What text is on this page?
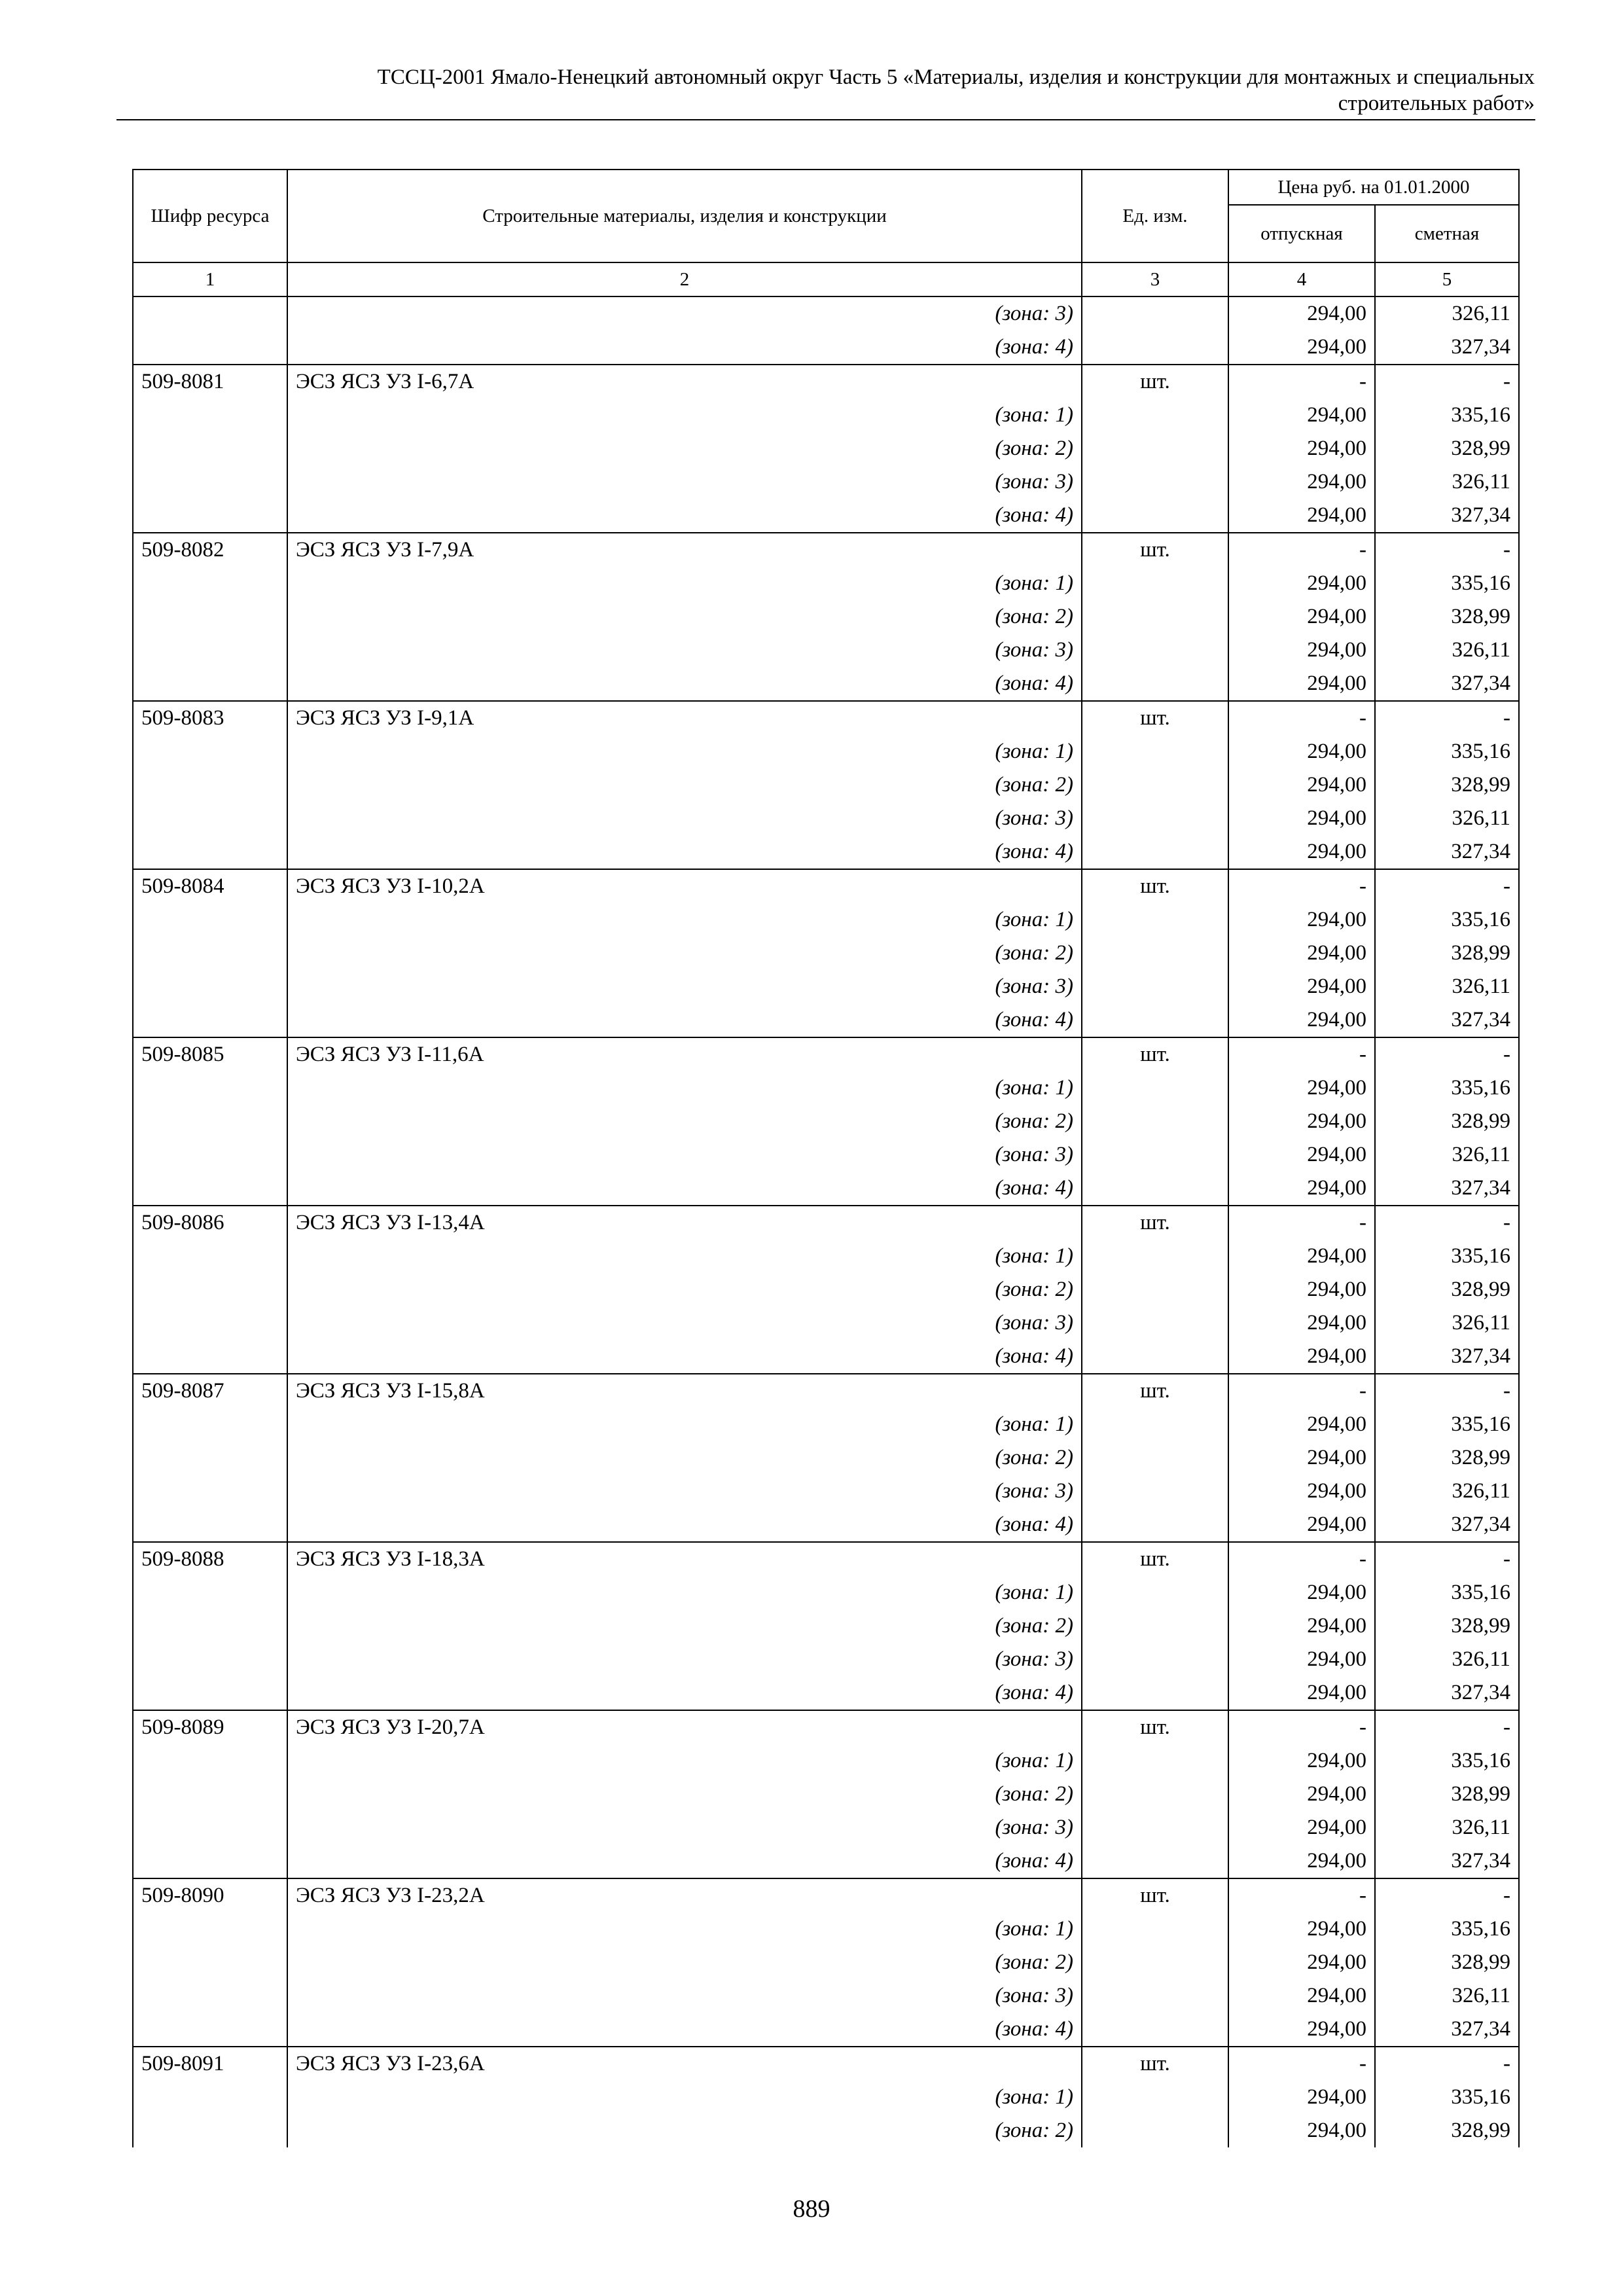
ТССЦ-2001 Ямало-Ненецкий автономный округ Часть 5 «Материалы, изделия и конструкции для монтажных и специальных
строительных работ»
Шифр ресурса	Строительные материалы, изделия и конструкции	Ед. изм.	Цена руб. на 01.01.2000	
			отпускная	сметная
1	2	3	4	5
	(зона: 3)		294,00	326,11
	(зона: 4)		294,00	327,34
509-8081	ЭСЗ ЯСЗ УЗ I-6,7А	шт.	-	-
	(зона: 1)		294,00	335,16
	(зона: 2)		294,00	328,99
	(зона: 3)		294,00	326,11
	(зона: 4)		294,00	327,34
509-8082	ЭСЗ ЯСЗ УЗ I-7,9А	шт.	-	-
	(зона: 1)		294,00	335,16
	(зона: 2)		294,00	328,99
	(зона: 3)		294,00	326,11
	(зона: 4)		294,00	327,34
509-8083	ЭСЗ ЯСЗ УЗ I-9,1А	шт.	-	-
	(зона: 1)		294,00	335,16
	(зона: 2)		294,00	328,99
	(зона: 3)		294,00	326,11
	(зона: 4)		294,00	327,34
509-8084	ЭСЗ ЯСЗ УЗ I-10,2А	шт.	-	-
	(зона: 1)		294,00	335,16
	(зона: 2)		294,00	328,99
	(зона: 3)		294,00	326,11
	(зона: 4)		294,00	327,34
509-8085	ЭСЗ ЯСЗ УЗ I-11,6А	шт.	-	-
	(зона: 1)		294,00	335,16
	(зона: 2)		294,00	328,99
	(зона: 3)		294,00	326,11
	(зона: 4)		294,00	327,34
509-8086	ЭСЗ ЯСЗ УЗ I-13,4А	шт.	-	-
	(зона: 1)		294,00	335,16
	(зона: 2)		294,00	328,99
	(зона: 3)		294,00	326,11
	(зона: 4)		294,00	327,34
509-8087	ЭСЗ ЯСЗ УЗ I-15,8А	шт.	-	-
	(зона: 1)		294,00	335,16
	(зона: 2)		294,00	328,99
	(зона: 3)		294,00	326,11
	(зона: 4)		294,00	327,34
509-8088	ЭСЗ ЯСЗ УЗ I-18,3А	шт.	-	-
	(зона: 1)		294,00	335,16
	(зона: 2)		294,00	328,99
	(зона: 3)		294,00	326,11
	(зона: 4)		294,00	327,34
509-8089	ЭСЗ ЯСЗ УЗ I-20,7А	шт.	-	-
	(зона: 1)		294,00	335,16
	(зона: 2)		294,00	328,99
	(зона: 3)		294,00	326,11
	(зона: 4)		294,00	327,34
509-8090	ЭСЗ ЯСЗ УЗ I-23,2А	шт.	-	-
	(зона: 1)		294,00	335,16
	(зона: 2)		294,00	328,99
	(зона: 3)		294,00	326,11
	(зона: 4)		294,00	327,34
509-8091	ЭСЗ ЯСЗ УЗ I-23,6А	шт.	-	-
	(зона: 1)		294,00	335,16
	(зона: 2)		294,00	328,99
889
